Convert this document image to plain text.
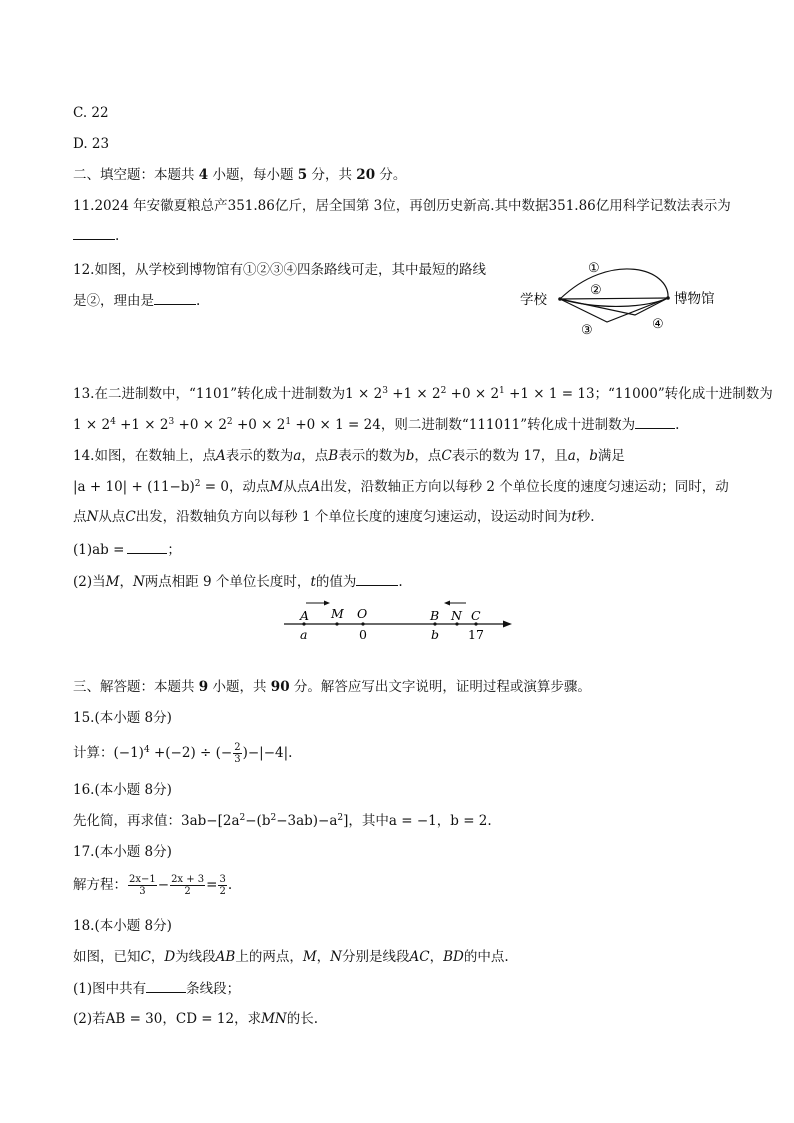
C. 22
D. 23
二、填空题：本题共 4 小题，每小题 5 分，共 20 分。
11.2024 年安徽夏粮总产351.86亿斤，居全国第 3位，再创历史新高.其中数据351.86亿用科学记数法表示为
.
12.如图，从学校到博物馆有①②③④四条路线可走，其中最短的路线
是②，理由是	.	学校	博物馆
①
②
③	④
13.在二进制数中，“1101”转化成十进制数为$1 \times 2^3 +1 \times 2^2 +0 \times 2^1 +1 \times 1 = 13$；“11000”转化成十进制数为
$1 \times 2^4 +1 \times 2^3 +0 \times 2^2 +0 \times 2^1 +0 \times 1 = 24$，则二进制数“111011”转化成十进制数为	.
14.如图，在数轴上，点A表示的数为a，点B表示的数为b，点C表示的数为 17，且a，b满足
$|a + 10| + (11-b)^2 = 0$，动点M从点A出发，沿数轴正方向以每秒 2 个单位长度的速度匀速运动；同时，动
点N从点C出发，沿数轴负方向以每秒 1 个单位长度的速度匀速运动，设运动时间为t秒.
(1)ab =	；
(2)当M，N两点相距 9 个单位长度时，t的值为	.
A M O	B N C
a	0	b 17
三、解答题：本题共 9 小题，共 90 分。解答应写出文字说明，证明过程或演算步骤。
15.(本小题 8分)
计算：$(-1)^4 +(-2)$ ÷ (− $\frac{2}{3} )-|-4|$.
16.(本小题 8分)
先化简，再求值：$3ab-[2a^2-(b^2-3ab)-a^2]$，其中a = −1，b = 2.
17.(本小题 8分)
解方程： $\frac{2x-1}{3} - \frac{2x + 3}{2} = \frac{3}{2}$ .
18.(本小题 8分)
如图，已知C，D为线段AB上的两点，M，N分别是线段AC，BD的中点.
(1)图中共有	条线段；
(2)若AB = 30，CD = 12，求MN的长.
